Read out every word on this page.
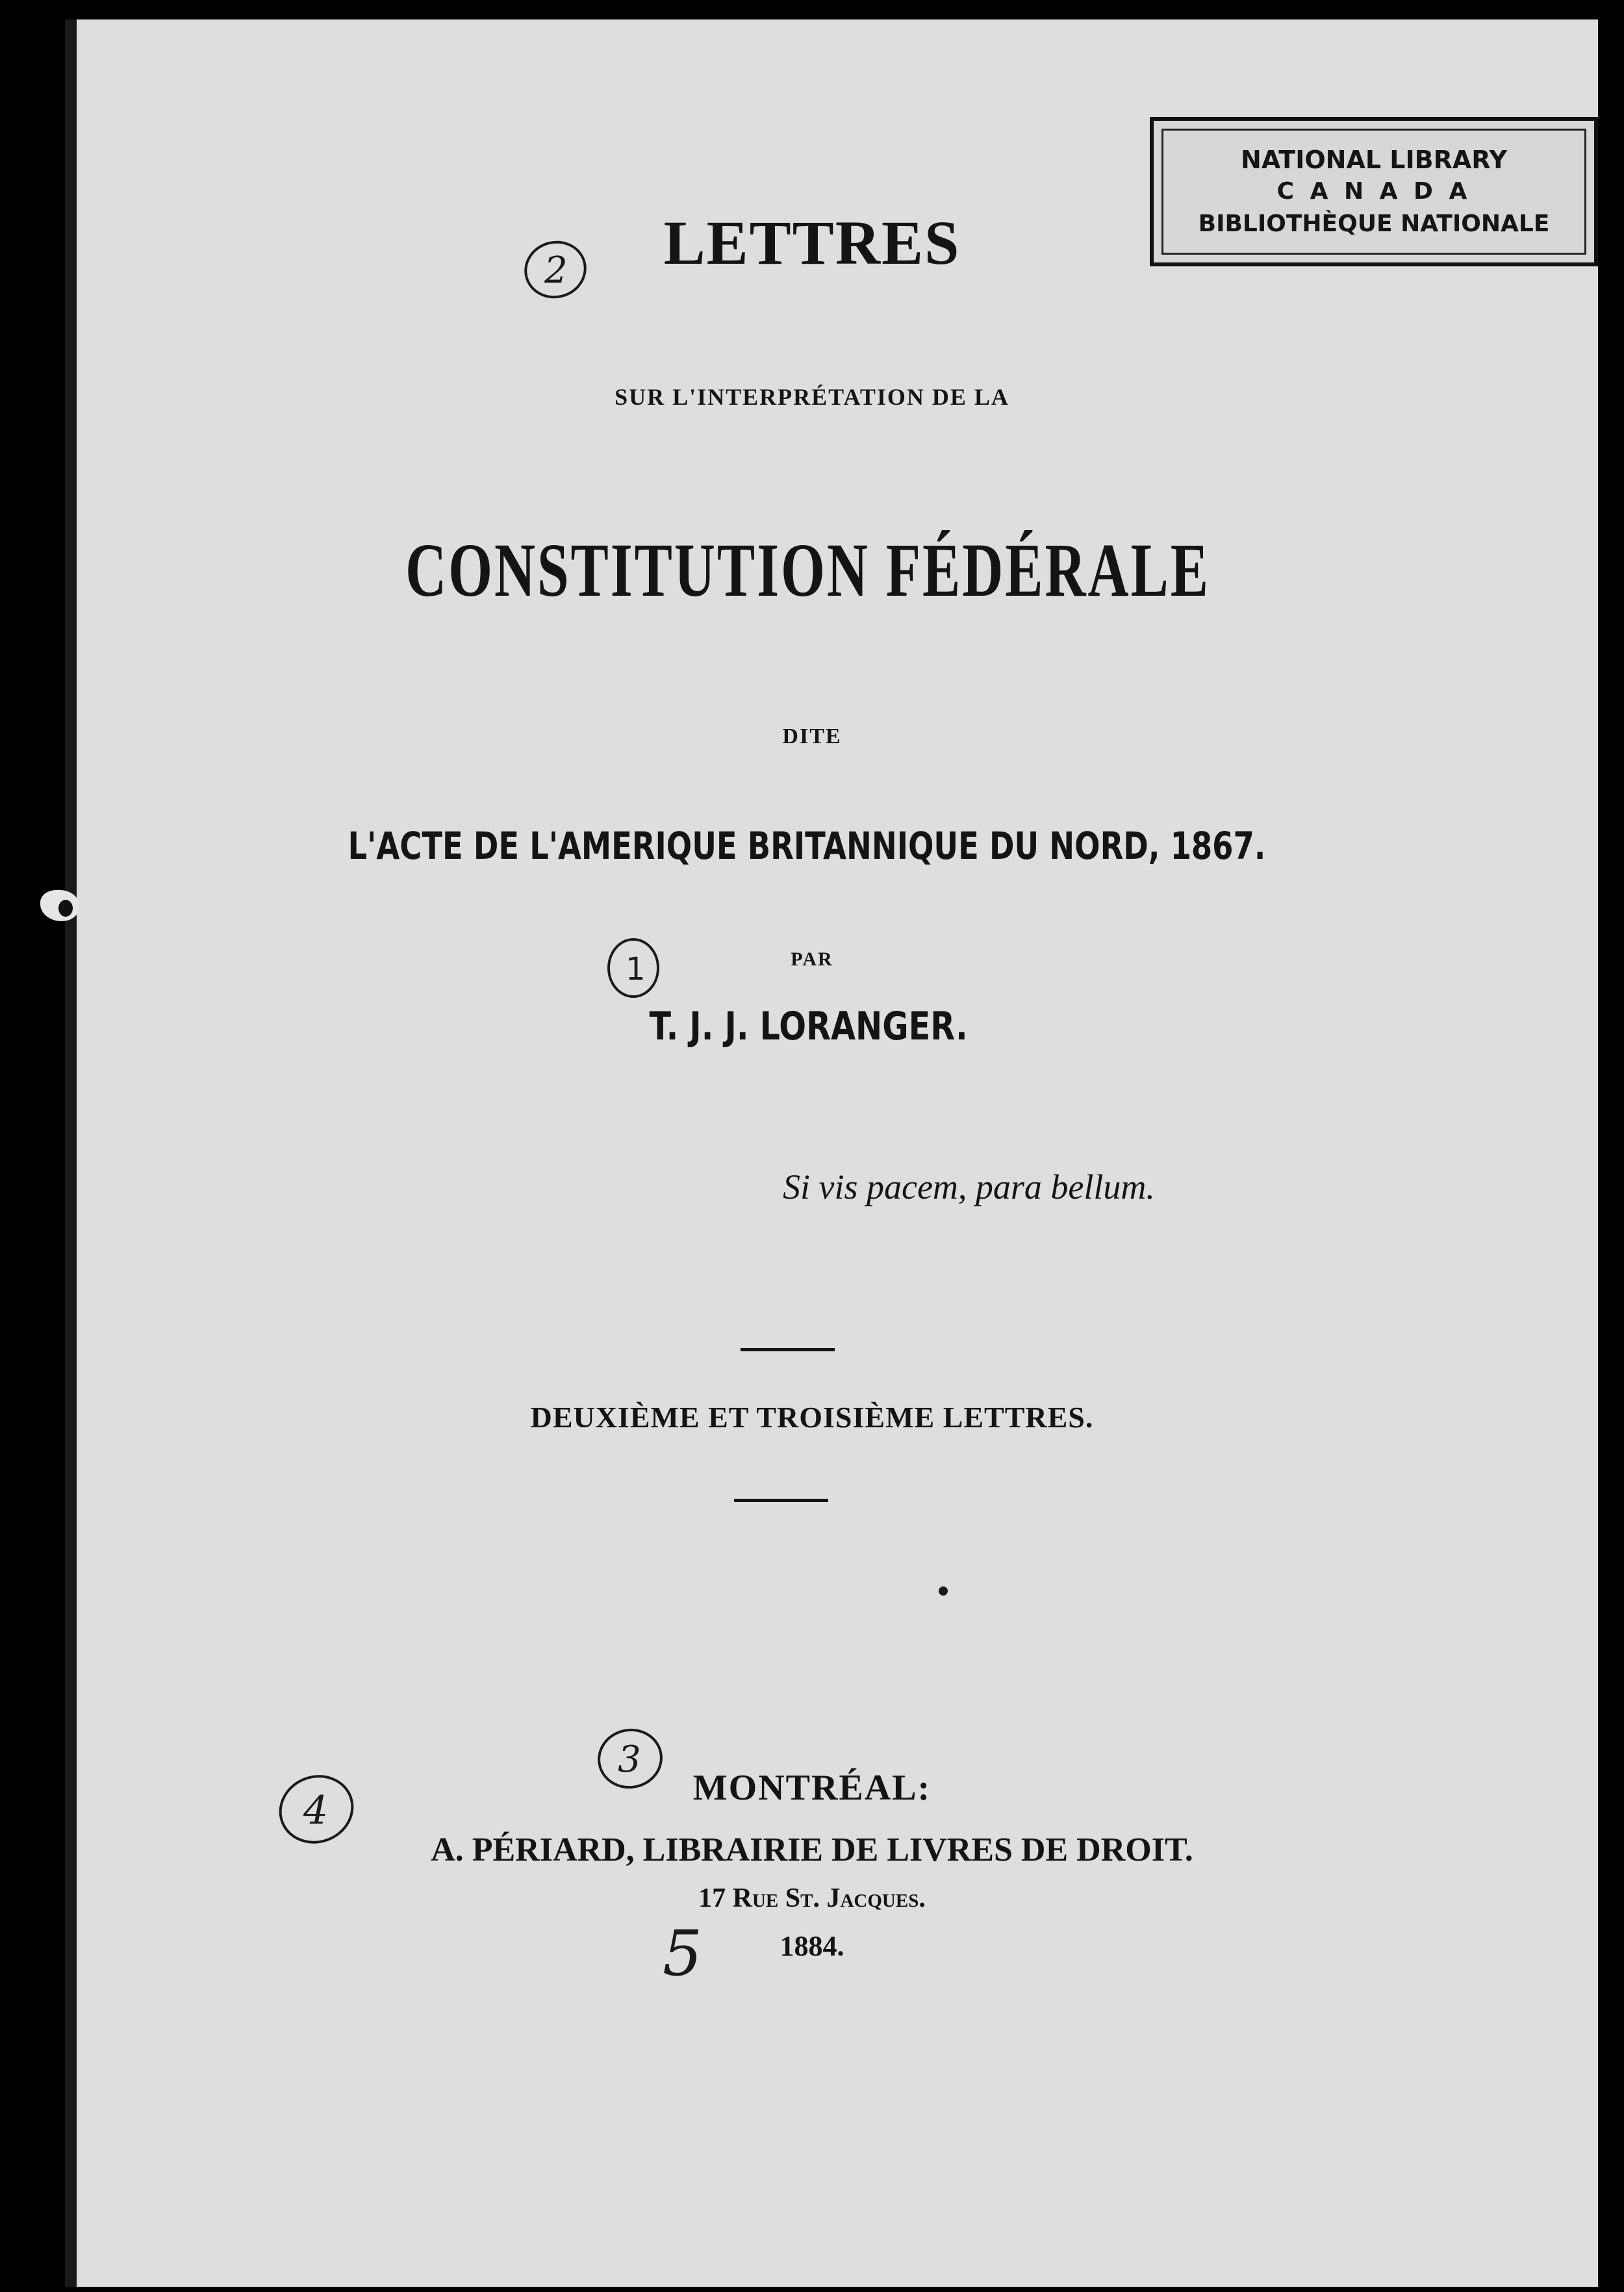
NATIONAL LIBRARY
C A N A D A
BIBLIOTHÈQUE NATIONALE
LETTRES
SUR L'INTERPRÉTATION DE LA
CONSTITUTION FÉDÉRALE
DITE
L'ACTE DE L'AMERIQUE BRITANNIQUE DU NORD, 1867.
PAR
T. J. J. LORANGER.
Si vis pacem, para bellum.
DEUXIÈME ET TROISIÈME LETTRES.
MONTRÉAL:
A. PÉRIARD, LIBRAIRIE DE LIVRES DE DROIT.
17 Rue St. Jacques.
1884.
2
1
3
4
5
